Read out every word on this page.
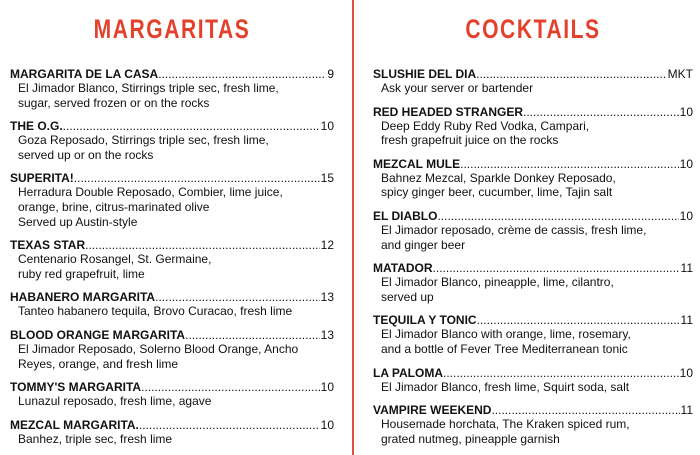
MARGARITAS
MARGARITA DE LA CASA .....	9
El Jimador Blanco, Stirrings triple sec, fresh lime,
sugar, served frozen or on the rocks
THE O.G. .....	10
Goza Reposado, Stirrings triple sec, fresh lime,
served up or on the rocks
SUPERITA! .....	15
Herradura Double Reposado, Combier, lime juice,
orange, brine, citrus-marinated olive
Served up Austin-style
TEXAS STAR .....	12
Centenario Rosangel, St. Germaine,
ruby red grapefruit, lime
HABANERO MARGARITA .....	13
Tanteo habanero tequila, Brovo Curacao, fresh lime
BLOOD ORANGE MARGARITA .....	13
El Jimador Reposado, Solerno Blood Orange, Ancho
Reyes, orange, and fresh lime
TOMMY'S MARGARITA .....	10
Lunazul reposado, fresh lime, agave
MEZCAL MARGARITA. .....	10
Banhez, triple sec, fresh lime
COCKTAILS
SLUSHIE DEL DIA .....	MKT
Ask your server or bartender
RED HEADED STRANGER .....	10
Deep Eddy Ruby Red Vodka, Campari,
fresh grapefruit juice on the rocks
MEZCAL MULE .....	10
Bahnez Mezcal, Sparkle Donkey Reposado,
spicy ginger beer, cucumber, lime, Tajin salt
EL DIABLO .....	10
El Jimador reposado, crème de cassis, fresh lime,
and ginger beer
MATADOR .....	11
El Jimador Blanco, pineapple, lime, cilantro,
served up
TEQUILA Y TONIC .....	11
El Jimador Blanco with orange, lime, rosemary,
and a bottle of Fever Tree Mediterranean tonic
LA PALOMA .....	10
El Jimador Blanco, fresh lime, Squirt soda, salt
VAMPIRE WEEKEND .....	11
Housemade horchata, The Kraken spiced rum,
grated nutmeg, pineapple garnish
